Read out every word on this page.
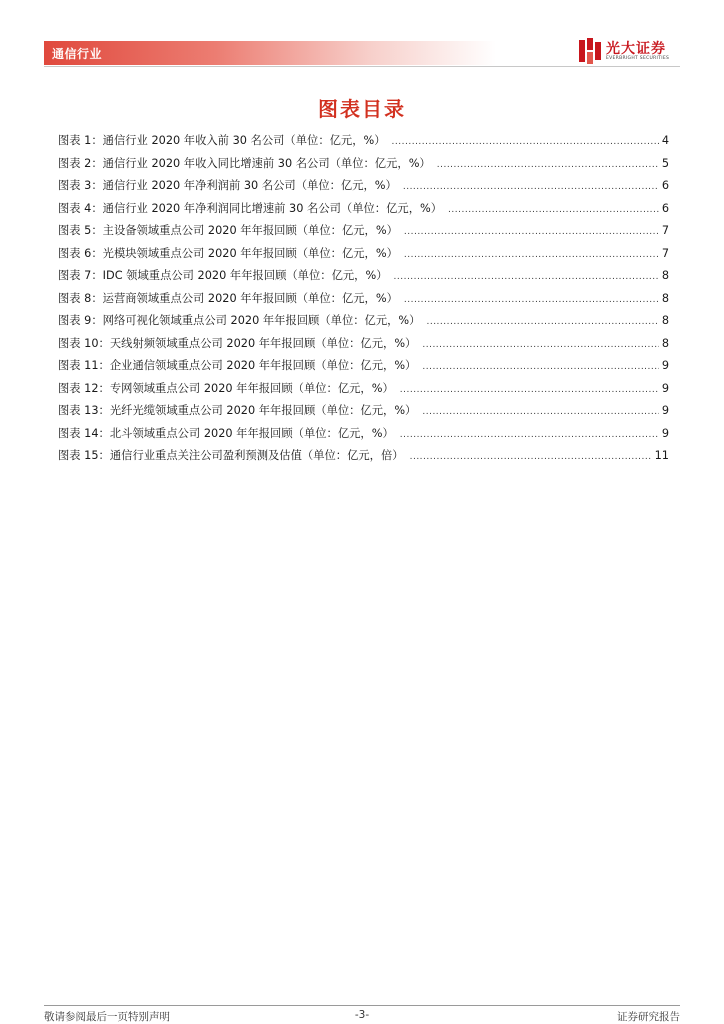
通信行业	光大证券
EVERBRIGHT SECURITIES
图表目录
图表 1：通信行业 2020 年收入前 30 名公司（单位：亿元，%） .....	4
图表 2：通信行业 2020 年收入同比增速前 30 名公司（单位：亿元，%） .....	5
图表 3：通信行业 2020 年净利润前 30 名公司（单位：亿元，%） .....	6
图表 4：通信行业 2020 年净利润同比增速前 30 名公司（单位：亿元，%） .....	6
图表 5：主设备领域重点公司 2020 年年报回顾（单位：亿元，%） .....	7
图表 6：光模块领域重点公司 2020 年年报回顾（单位：亿元，%） .....	7
图表 7：IDC 领域重点公司 2020 年年报回顾（单位：亿元，%） .....	8
图表 8：运营商领域重点公司 2020 年年报回顾（单位：亿元，%） .....	8
图表 9：网络可视化领域重点公司 2020 年年报回顾（单位：亿元，%） .....	8
图表 10：天线射频领域重点公司 2020 年年报回顾（单位：亿元，%） .....	8
图表 11：企业通信领域重点公司 2020 年年报回顾（单位：亿元，%） .....	9
图表 12：专网领域重点公司 2020 年年报回顾（单位：亿元，%） .....	9
图表 13：光纤光缆领域重点公司 2020 年年报回顾（单位：亿元，%） .....	9
图表 14：北斗领域重点公司 2020 年年报回顾（单位：亿元，%） .....	9
图表 15：通信行业重点关注公司盈利预测及估值（单位：亿元，倍） .....	11
敬请参阅最后一页特别声明	-3-	证券研究报告
